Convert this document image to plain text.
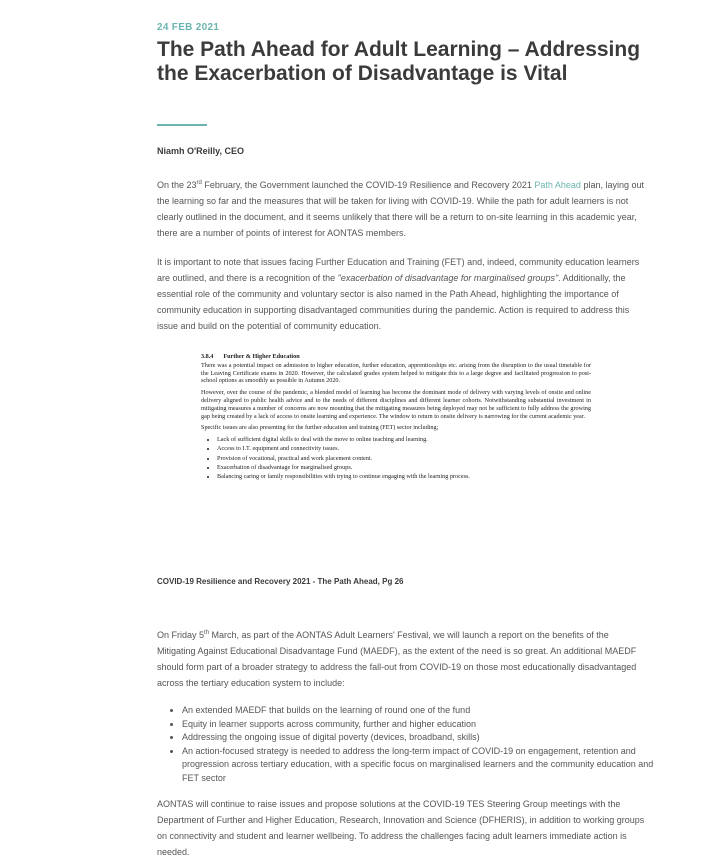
24 FEB 2021
The Path Ahead for Adult Learning – Addressing the Exacerbation of Disadvantage is Vital
Niamh O'Reilly, CEO

On the 23rd February, the Government launched the COVID-19 Resilience and Recovery 2021 Path Ahead plan, laying out the learning so far and the measures that will be taken for living with COVID-19. While the path for adult learners is not clearly outlined in the document, and it seems unlikely that there will be a return to on-site learning in this academic year, there are a number of points of interest for AONTAS members.

It is important to note that issues facing Further Education and Training (FET) and, indeed, community education learners are outlined, and there is a recognition of the "exacerbation of disadvantage for marginalised groups". Additionally, the essential role of the community and voluntary sector is also named in the Path Ahead, highlighting the importance of community education in supporting disadvantaged communities during the pandemic. Action is required to address this issue and build on the potential of community education.

3.8.4 Further & Higher Education

There was a potential impact on admission to higher education, further education, apprenticeships etc. arising from the disruption to the usual timetable for the Leaving Certificate exams in 2020. However, the calculated grades system helped to mitigate this to a large degree and facilitated progression to post-school options as smoothly as possible in Autumn 2020.

However, over the course of the pandemic, a blended model of learning has become the dominant mode of delivery with varying levels of onsite and online delivery aligned to public health advice and to the needs of different disciplines and different learner cohorts. Notwithstanding substantial investment in mitigating measures a number of concerns are now mounting that the mitigating measures being deployed may not be sufficient to fully address the growing gap being created by a lack of access to onsite learning and experience. The window to return to onsite delivery is narrowing for the current academic year.

Specific issues are also presenting for the further education and training (FET) sector including;

• Lack of sufficient digital skills to deal with the move to online teaching and learning.
• Access to I.T. equipment and connectivity issues.
• Provision of vocational, practical and work placement content.
• Exacerbation of disadvantage for marginalised groups.
• Balancing caring or family responsibilities with trying to continue engaging with the learning process.
COVID-19 Resilience and Recovery 2021 - The Path Ahead, Pg 26

On Friday 5th March, as part of the AONTAS Adult Learners' Festival, we will launch a report on the benefits of the Mitigating Against Educational Disadvantage Fund (MAEDF), as the extent of the need is so great. An additional MAEDF should form part of a broader strategy to address the fall-out from COVID-19 on those most educationally disadvantaged across the tertiary education system to include:

• An extended MAEDF that builds on the learning of round one of the fund
• Equity in learner supports across community, further and higher education
• Addressing the ongoing issue of digital poverty (devices, broadband, skills)
• An action-focused strategy is needed to address the long-term impact of COVID-19 on engagement, retention and progression across tertiary education, with a specific focus on marginalised learners and the community education and FET sector

AONTAS will continue to raise issues and propose solutions at the COVID-19 TES Steering Group meetings with the Department of Further and Higher Education, Research, Innovation and Science (DFHERIS), in addition to working groups on connectivity and student and learner wellbeing. To address the challenges facing adult learners immediate action is needed.
